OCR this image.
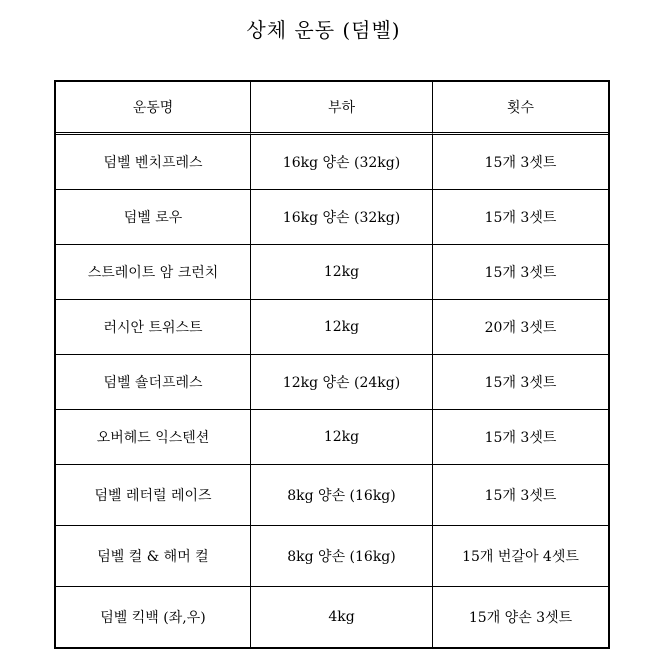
상체 운동 (덤벨)
운동명	부하	횟수
덤벨 벤치프레스	16kg 양손 (32kg)	15개 3셋트
덤벨 로우	16kg 양손 (32kg)	15개 3셋트
스트레이트 암 크런치	12kg	15개 3셋트
러시안 트위스트	12kg	20개 3셋트
덤벨 숄더프레스	12kg 양손 (24kg)	15개 3셋트
오버헤드 익스텐션	12kg	15개 3셋트
덤벨 레터럴 레이즈	8kg 양손 (16kg)	15개 3셋트
덤벨 컬 & 해머 컬	8kg 양손 (16kg)	15개 번갈아 4셋트
덤벨 킥백 (좌,우)	4kg	15개 양손 3셋트
